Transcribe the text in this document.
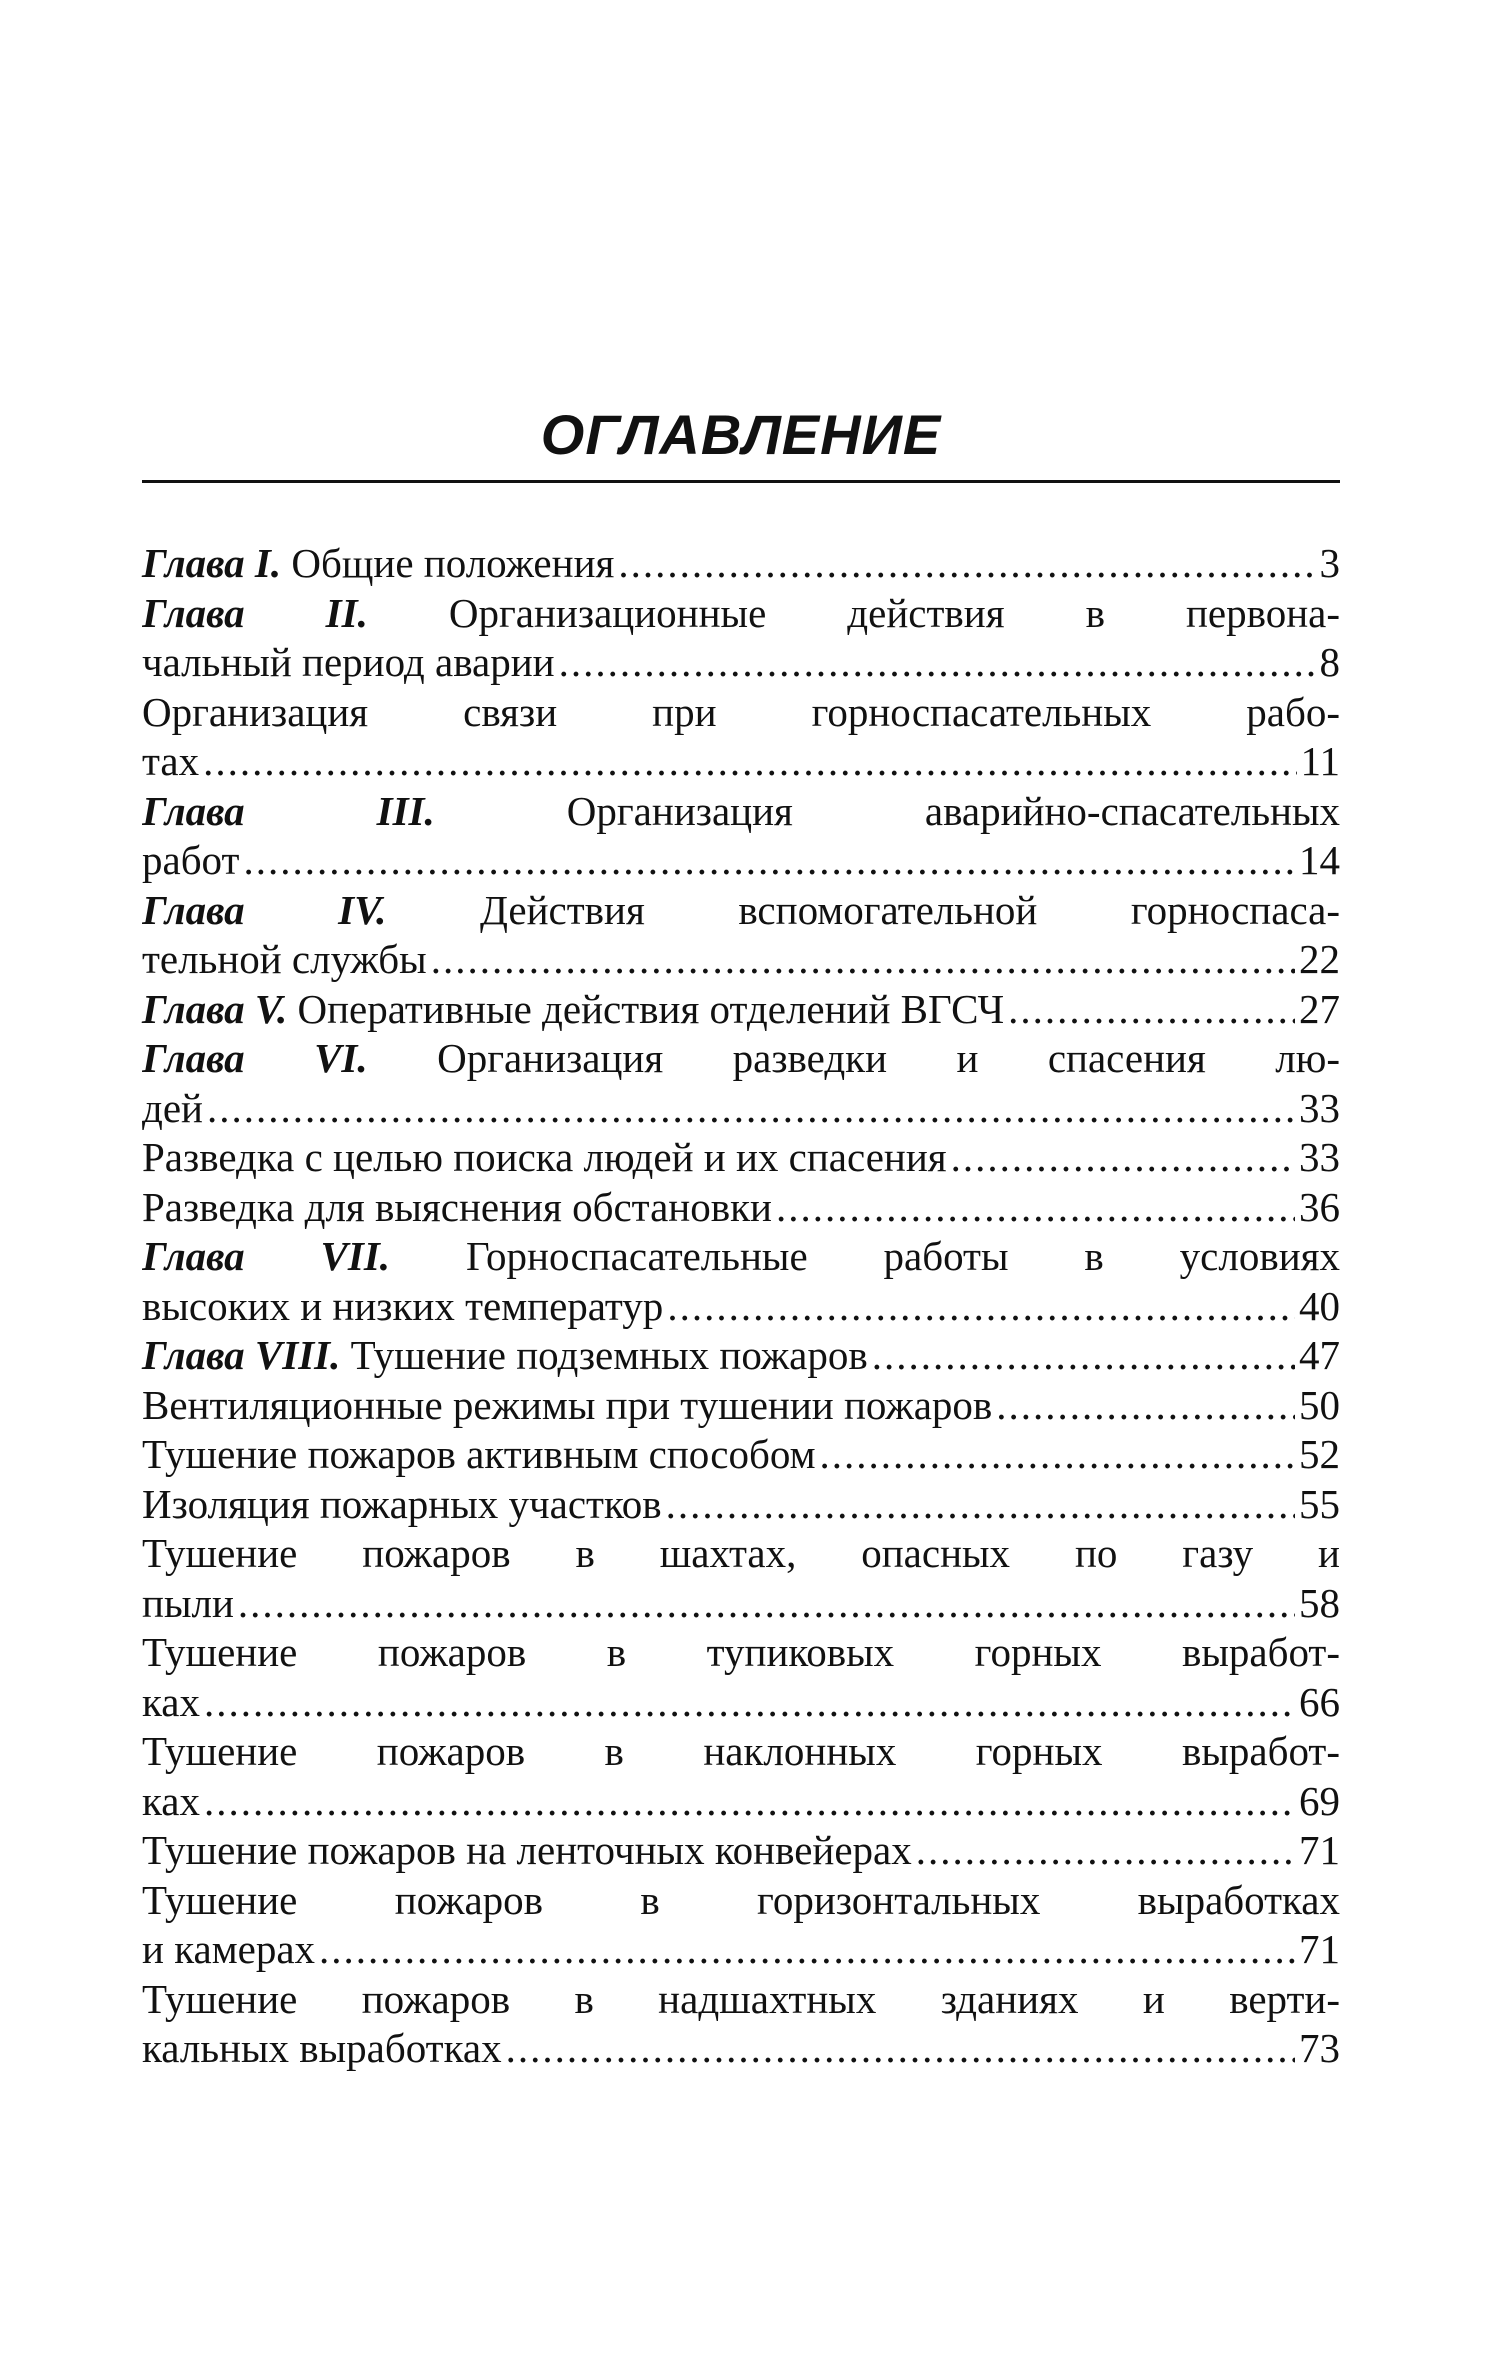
ОГЛАВЛЕНИЕ
Глава I. Общие положения .....	3
Глава II. Организационные действия в первона-
чальный период аварии .....	8
Организация связи при горноспасательных рабо-
тах .....	11
Глава III. Организация аварийно-спасательных
работ .....	14
Глава IV. Действия вспомогательной горноспаса-
тельной службы .....	22
Глава V. Оперативные действия отделений ВГСЧ .....	27
Глава VI. Организация разведки и спасения лю-
дей .....	33
Разведка с целью поиска людей и их спасения .....	33
Разведка для выяснения обстановки .....	36
Глава VII. Горноспасательные работы в условиях
высоких и низких температур .....	40
Глава VIII. Тушение подземных пожаров .....	47
Вентиляционные режимы при тушении пожаров .....	50
Тушение пожаров активным способом .....	52
Изоляция пожарных участков .....	55
Тушение пожаров в шахтах, опасных по газу и
пыли .....	58
Тушение пожаров в тупиковых горных выработ-
ках .....	66
Тушение пожаров в наклонных горных выработ-
ках .....	69
Тушение пожаров на ленточных конвейерах .....	71
Тушение пожаров в горизонтальных выработках
и камерах .....	71
Тушение пожаров в надшахтных зданиях и верти-
кальных выработках .....	73
